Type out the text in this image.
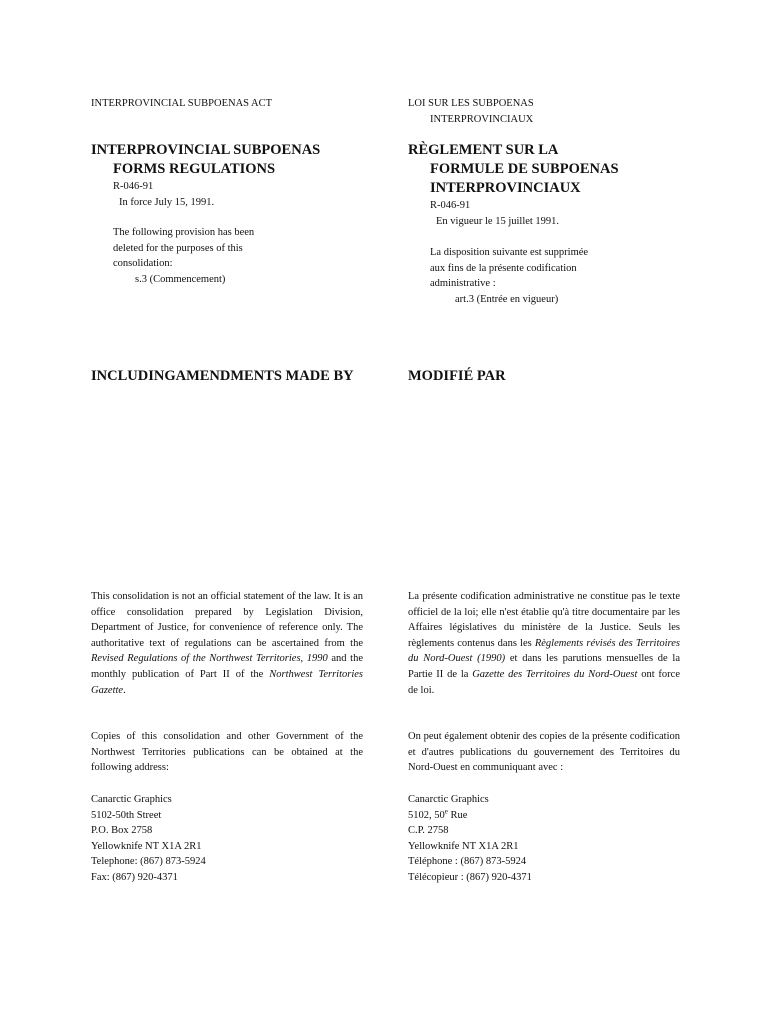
INTERPROVINCIAL SUBPOENAS ACT	LOI SUR LES SUBPOENAS
INTERPROVINCIAUX
INTERPROVINCIAL SUBPOENAS
FORMS REGULATIONS
RÈGLEMENT SUR LA
FORMULE DE SUBPOENAS
INTERPROVINCIAUX
R-046-91
In force July 15, 1991.
The following provision has been
deleted for the purposes of this
consolidation:
s.3 (Commencement)
R-046-91
En vigueur le 15 juillet 1991.
La disposition suivante est supprimée
aux fins de la présente codification
administrative :
art.3 (Entrée en vigueur)
INCLUDINGAMENDMENTS MADE BY	MODIFIÉ PAR

This consolidation is not an official statement of the law. It is an office consolidation prepared by Legislation Division, Department of Justice, for convenience of reference only. The authoritative text of regulations can be ascertained from the Revised Regulations of the Northwest Territories, 1990 and the monthly publication of Part II of the Northwest Territories Gazette.

La présente codification administrative ne constitue pas le texte officiel de la loi; elle n'est établie qu'à titre documentaire par les Affaires législatives du ministère de la Justice. Seuls les règlements contenus dans les Règlements révisés des Territoires du Nord-Ouest (1990) et dans les parutions mensuelles de la Partie II de la Gazette des Territoires du Nord-Ouest ont force de loi.

Copies of this consolidation and other Government of the Northwest Territories publications can be obtained at the following address:

On peut également obtenir des copies de la présente codification et d'autres publications du gouvernement des Territoires du Nord-Ouest en communiquant avec :

Canarctic Graphics
5102-50th Street
P.O. Box 2758
Yellowknife NT X1A 2R1
Telephone: (867) 873-5924
Fax: (867) 920-4371
Canarctic Graphics
5102, 50e Rue
C.P. 2758
Yellowknife NT X1A 2R1
Téléphone : (867) 873-5924
Télécopieur : (867) 920-4371
